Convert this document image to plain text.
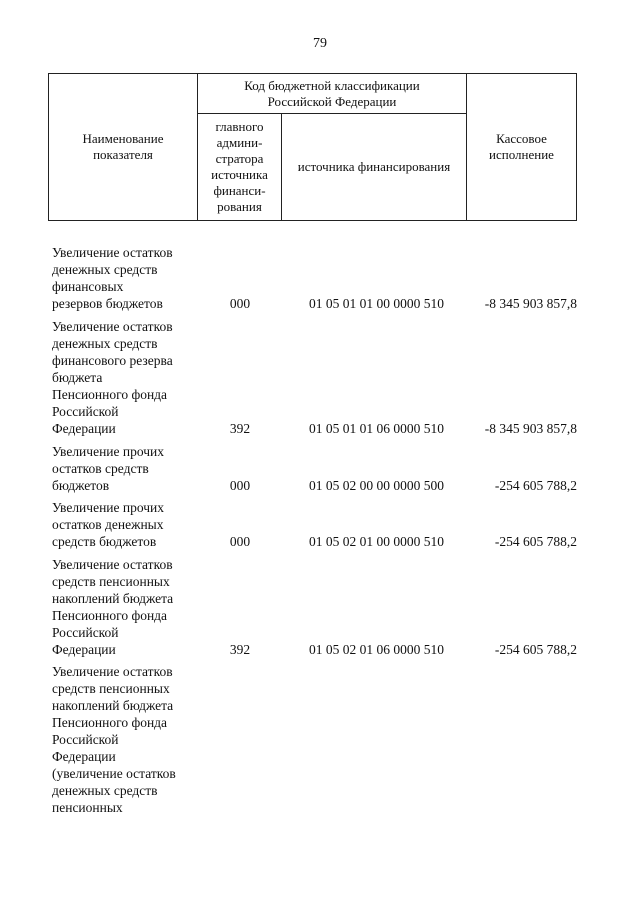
79
Наименование
показателя
Код бюджетной классификации
Российской Федерации
главного
админи-
стратора
источника
финанси-
рования
источника финансирования
Кассовое
исполнение
Увеличение остатков
денежных средств
финансовых
резервов бюджетов	000	01 05 01 01 00 0000 510	-8 345 903 857,8
Увеличение остатков
денежных средств
финансового резерва
бюджета
Пенсионного фонда
Российской
Федерации	392	01 05 01 01 06 0000 510	-8 345 903 857,8
Увеличение прочих
остатков средств
бюджетов	000	01 05 02 00 00 0000 500	-254 605 788,2
Увеличение прочих
остатков денежных
средств бюджетов	000	01 05 02 01 00 0000 510	-254 605 788,2
Увеличение остатков
средств пенсионных
накоплений бюджета
Пенсионного фонда
Российской
Федерации	392	01 05 02 01 06 0000 510	-254 605 788,2
Увеличение остатков
средств пенсионных
накоплений бюджета
Пенсионного фонда
Российской
Федерации
(увеличение остатков
денежных средств
пенсионных
